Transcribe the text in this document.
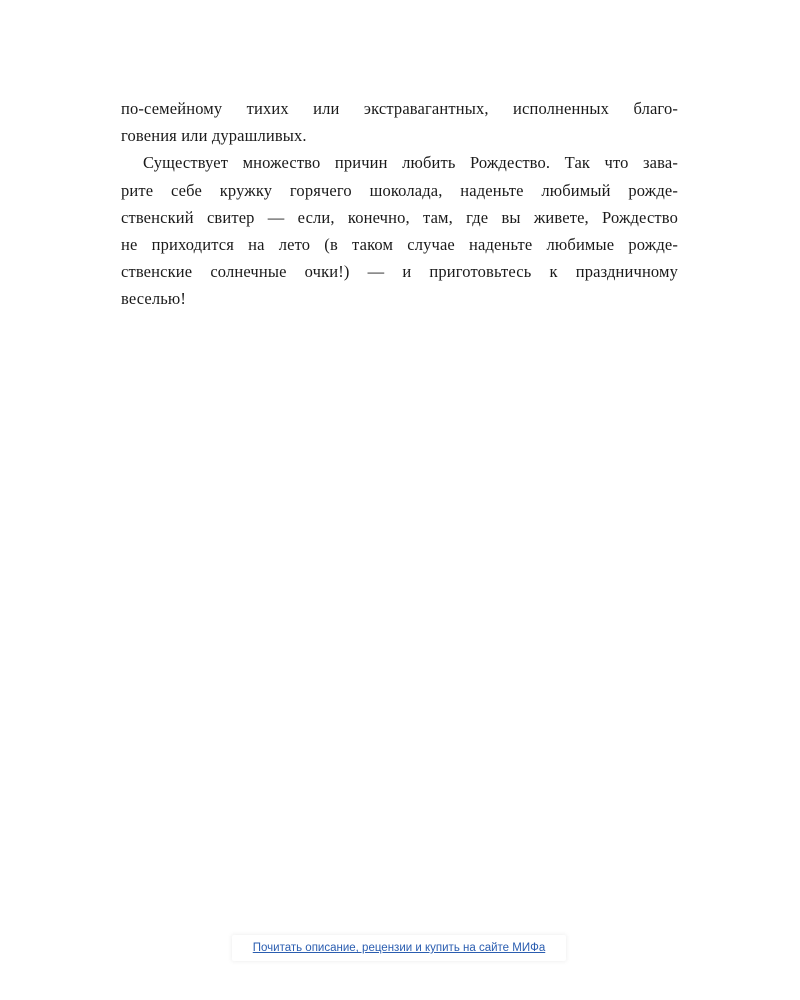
по-семейному тихих или экстравагантных, исполненных благо-
говения или дурашливых.
Существует множество причин любить Рождество. Так что зава-
рите себе кружку горячего шоколада, наденьте любимый рожде-
ственский свитер — если, конечно, там, где вы живете, Рождество
не приходится на лето (в таком случае наденьте любимые рожде-
ственские солнечные очки!) — и приготовьтесь к праздничному
весельюǃ
Почитать описание, рецензии и купить на сайте МИФа
